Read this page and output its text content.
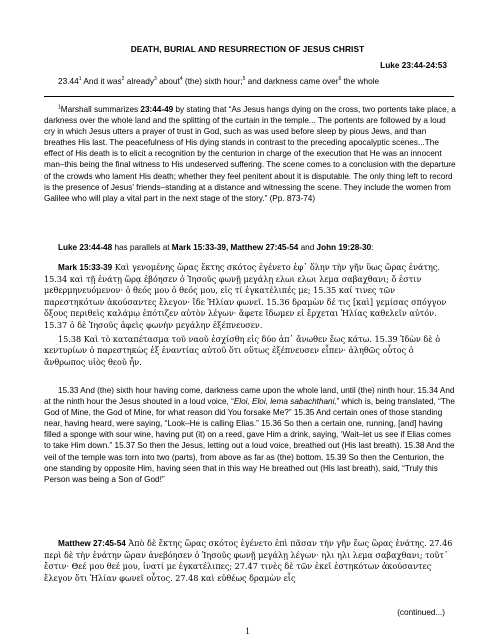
DEATH, BURIAL AND RESURRECTION OF JESUS CHRIST
Luke 23:44-24:53
23.44$^1$ And it was$^2$ already$^3$ about$^4$ (the) sixth hour;$^5$ and darkness came over$^6$ the whole

$^1$Marshall summarizes 23:44-49 by stating that “As Jesus hangs dying on the cross, two portents take place, a darkness over the whole land and the splitting of the curtain in the temple... The portents are followed by a loud cry in which Jesus utters a prayer of trust in God, such as was used before sleep by pious Jews, and than breathes His last. The peacefulness of His dying stands in contrast to the preceding apocalyptic scenes...The effect of His death is to elicit a recognition by the centurion in charge of the execution that He was an innocent man–this being the final witness to His undeserved suffering. The scene comes to a conclusion with the departure of the crowds who lament His death; whether they feel penitent about it is disputable. The only thing left to record is the presence of Jesus’ friends–standing at a distance and witnessing the scene. They include the women from Galilee who will play a vital part in the next stage of the story.” (Pp. 873-74)

Luke 23:44-48 has parallels at Mark 15:33-39, Matthew 27:45-54 and John 19:28-30:

Mark 15:33-39 Καὶ γενομένης ὥρας ἕκτης σκότος ἐγένετο ἐφ᾽ ὅλην τὴν γῆν ὕως ὥρας ἐνάτης. 15.34 καὶ τῇ ἐνάτῃ ὥρᾳ ἐβόησεν ὁ Ἰησοῦς φωνῇ μεγάλῃ ελωι ελωι λεμα σαβαχθανι; ὅ ἐστιν μεθερμηνευόμενον· ὁ θεός μου ὁ θεός μου, εἰς τί ἐγκατέλιπές με; 15.35 καί τινες τῶν παρεστηκότων ἀκούσαντες ἔλεγον· ἴδε Ἠλίαν φωνεῖ. 15.36 δραμὼν δέ τις [καὶ] γεμίσας σπόγγον ὄξους περιθεὶς καλάμῳ ἐπότιζεν αὐτὸν λέγων· ἄφετε ἴδωμεν εἰ ἔρχεται Ἠλίας καθελεῖν αὐτόν. 15.37 ὁ δὲ Ἰησοῦς ἀφεὶς φωνὴν μεγάλην ἐξέπνευσεν.

15.38 Καὶ τὸ καταπέτασμα τοῦ ναοῦ ἐσχίσθη εἰς δύο ἀπ᾽ ἄνωθεν ἕως κάτω. 15.39 Ἰδὼν δὲ ὁ κεντυρίων ὁ παρεστηκὼς ἐξ ἐναντίας αὐτοῦ ὅτι οὕτως ἐξέπνευσεν εἶπεν· ἀληθῶς οὗτος ὁ ἄνθρωπος υἱὸς θεοῦ ἦν.

15.33 And (the) sixth hour having come, darkness came upon the whole land, until (the) ninth hour. 15.34 And at the ninth hour the Jesus shouted in a loud voice, “Eloi, Eloi, lema sabachthani,” which is, being translated, “The God of Mine, the God of Mine, for what reason did You forsake Me?” 15.35 And certain ones of those standing near, having heard, were saying, “Look–He is calling Elias.” 15.36 So then a certain one, running, [and] having filled a sponge with sour wine, having put (it) on a reed, gave Him a drink, saying, ‘Wait–let us see if Elias comes to take Him down.” 15.37 So then the Jesus, letting out a loud voice, breathed out (His last breath). 15.38 And the veil of the temple was torn into two (parts), from above as far as (the) bottom. 15.39 So then the Centurion, the one standing by opposite Him, having seen that in this way He breathed out (His last breath), said, “Truly this Person was being a Son of God!”

Matthew 27:45-54 Ἀπὸ δὲ ἕκτης ὥρας σκότος ἐγένετο ἐπὶ πᾶσαν τὴν γῆν ἕως ὥρας ἐνάτης. 27.46 περὶ δὲ τὴν ἐνάτην ὥραν ἀνεβόησεν ὁ Ἰησοῦς φωνῇ μεγάλῃ λέγων· ηλι ηλι λεμα σαβαχθανι; τοῦτ᾽ ἔστιν· Θεέ μου θεέ μου, ἱνατί με ἐγκατέλιπες; 27.47 τινὲς δὲ τῶν ἐκεῖ ἑστηκότων ἀκούσαντες ἔλεγον ὅτι Ἠλίαν φωνεῖ οὗτος. 27.48 καὶ εὐθέως δραμὼν εἷς

(continued...)
1
